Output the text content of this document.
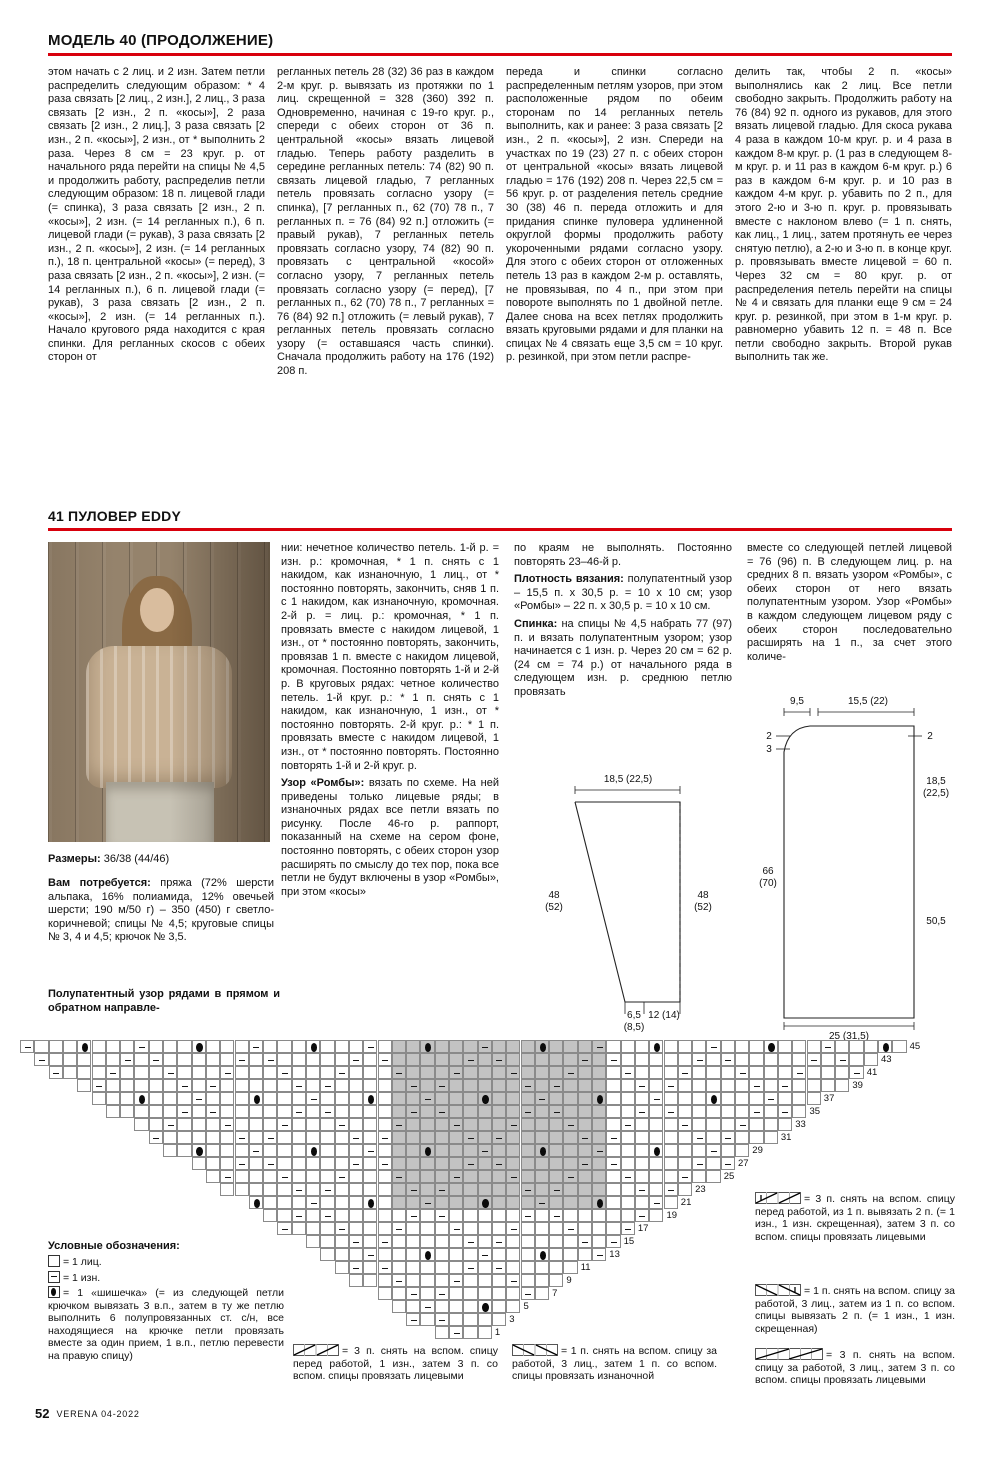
МОДЕЛЬ 40 (ПРОДОЛЖЕНИЕ)

этом начать с 2 лиц. и 2 изн. Затем петли распределить следующим образом: * 4 раза связать [2 лиц., 2 изн.], 2 лиц., 3 раза связать [2 изн., 2 п. «косы»], 2 раза связать [2 изн., 2 лиц.], 3 раза связать [2 изн., 2 п. «косы»], 2 изн., от * выполнить 2 раза. Через 8 см = 23 круг. р. от начального ряда перейти на спицы № 4,5 и продолжить работу, распределив петли следующим образом: 18 п. лицевой глади (= спинка), 3 раза связать [2 изн., 2 п. «косы»], 2 изн. (= 14 регланных п.), 6 п. лицевой глади (= рукав), 3 раза связать [2 изн., 2 п. «косы»], 2 изн. (= 14 регланных п.), 18 п. центральной «косы» (= перед), 3 раза связать [2 изн., 2 п. «косы»], 2 изн. (= 14 регланных п.), 6 п. лицевой глади (= рукав), 3 раза связать [2 изн., 2 п. «косы»], 2 изн. (= 14 регланных п.). Начало кругового ряда находится с края спинки. Для регланных скосов с обеих сторон от

регланных петель 28 (32) 36 раз в каждом 2-м круг. р. вывязать из протяжки по 1 лиц. скрещенной = 328 (360) 392 п. Одновременно, начиная с 19-го круг. р., спереди с обеих сторон от 36 п. центральной «косы» вязать лицевой гладью. Теперь работу разделить в середине регланных петель: 74 (82) 90 п. связать лицевой гладью, 7 регланных петель провязать согласно узору (= спинка), [7 регланных п., 62 (70) 78 п., 7 регланных п. = 76 (84) 92 п.] отложить (= правый рукав), 7 регланных петель провязать согласно узору, 74 (82) 90 п. провязать с центральной «косой» согласно узору, 7 регланных петель провязать согласно узору (= перед), [7 регланных п., 62 (70) 78 п., 7 регланных = 76 (84) 92 п.] отложить (= левый рукав), 7 регланных петель провязать согласно узору (= оставшаяся часть спинки). Сначала продолжить работу на 176 (192) 208 п.

переда и спинки согласно распределенным петлям узоров, при этом расположенные рядом по обеим сторонам по 14 регланных петель выполнить, как и ранее: 3 раза связать [2 изн., 2 п. «косы»], 2 изн. Спереди на участках по 19 (23) 27 п. с обеих сторон от центральной «косы» вязать лицевой гладью = 176 (192) 208 п. Через 22,5 см = 56 круг. р. от разделения петель средние 30 (38) 46 п. переда отложить и для придания спинке пуловера удлиненной округлой формы продолжить работу укороченными рядами согласно узору. Для этого с обеих сторон от отложенных петель 13 раз в каждом 2-м р. оставлять, не провязывая, по 4 п., при этом при повороте выполнять по 1 двойной петле. Далее снова на всех петлях продолжить вязать круговыми рядами и для планки на спицах № 4 связать еще 3,5 см = 10 круг. р. резинкой, при этом петли распре-

делить так, чтобы 2 п. «косы» выполнялись как 2 лиц. Все петли свободно закрыть. Продолжить работу на 76 (84) 92 п. одного из рукавов, для этого вязать лицевой гладью. Для скоса рукава 4 раза в каждом 10-м круг. р. и 4 раза в каждом 8-м круг. р. (1 раз в следующем 8-м круг. р. и 11 раз в каждом 6-м круг. р.) 6 раз в каждом 6-м круг. р. и 10 раз в каждом 4-м круг. р. убавить по 2 п., для этого 2-ю и 3-ю п. круг. р. провязывать вместе с наклоном влево (= 1 п. снять, как лиц., 1 лиц., затем протянуть ее через снятую петлю), а 2-ю и 3-ю п. в конце круг. р. провязывать вместе лицевой = 60 п. Через 32 см = 80 круг. р. от распределения петель перейти на спицы № 4 и связать для планки еще 9 см = 24 круг. р. резинкой, при этом в 1-м круг. р. равномерно убавить 12 п. = 48 п. Все петли свободно закрыть. Второй рукав выполнить так же.

41 ПУЛОВЕР EDDY

Размеры: 36/38 (44/46)

Вам потребуется: пряжа (72% шерсти альпака, 16% полиамида, 12% овечьей шерсти; 190 м/50 г) – 350 (450) г светло-коричневой; спицы № 4,5; круговые спицы № 3, 4 и 4,5; крючок № 3,5.

Полупатентный узор рядами в прямом и обратном направле-

нии: нечетное количество петель. 1-й р. = изн. р.: кромочная, * 1 п. снять с 1 накидом, как изнаночную, 1 лиц., от * постоянно повторять, закончить, сняв 1 п. с 1 накидом, как изнаночную, кромочная. 2-й р. = лиц. р.: кромочная, * 1 п. провязать вместе с накидом лицевой, 1 изн., от * постоянно повторять, закончить, провязав 1 п. вместе с накидом лицевой, кромочная. Постоянно повторять 1-й и 2-й р. В круговых рядах: четное количество петель. 1-й круг. р.: * 1 п. снять с 1 накидом, как изнаночную, 1 изн., от * постоянно повторять. 2-й круг. р.: * 1 п. провязать вместе с накидом лицевой, 1 изн., от * постоянно повторять. Постоянно повторять 1-й и 2-й круг. р.

Узор «Ромбы»: вязать по схеме. На ней приведены только лицевые ряды; в изнаночных рядах все петли вязать по рисунку. После 46-го р. раппорт, показанный на схеме на сером фоне, постоянно повторять, с обеих сторон узор расширять по смыслу до тех пор, пока все петли не будут включены в узор «Ромбы», при этом «косы»

по краям не выполнять. Постоянно повторять 23–46-й р.

Плотность вязания: полупатентный узор – 15,5 п. х 30,5 р. = 10 х 10 см; узор «Ромбы» – 22 п. х 30,5 р. = 10 х 10 см.

Спинка: на спицы № 4,5 набрать 77 (97) п. и вязать полупатентным узором; узор начинается с 1 изн. р. Через 20 см = 62 р. (24 см = 74 р.) от начального ряда в следующем изн. р. среднюю петлю провязать

вместе со следующей петлей лицевой = 76 (96) п. В следующем лиц. р. на средних 8 п. вязать узором «Ромбы», с обеих сторон от него вязать полупатентным узором. Узор «Ромбы» в каждом следующем лицевом ряду с обеих сторон последовательно расширять на 1 п., за счет этого количе-

18,5 (22,5)
48
(52)
48
(52)
6,5
(8,5)
12 (14)
9,5	15,5 (22)
2
3
2
18,5
(22,5)
66
(70)
50,5
25 (31,5)
45
43
41
39
37
35
33
31
29
27
25
23
21
19
17
15
13
11
9
7
5
3
1

Условные обозначения:

= 1 лиц.

= 1 изн.

= 1 «шишечка» (= из следующей петли крючком вывязать 3 в.п., затем в ту же петлю выполнить 6 полупровязанных ст. с/н, все находящиеся на крючке петли провязать вместе за один прием, 1 в.п., петлю перевести на правую спицу)	= 3 п. снять на вспом. спицу перед работой, 1 изн., затем 3 п. со вспом. спицы провязать лицевыми

= 1 п. снять на вспом. спицу за работой, 3 лиц., затем 1 п. со вспом. спицы провязать изнаночной

= 3 п. снять на вспом. спицу перед работой, из 1 п. вывязать 2 п. (= 1 изн., 1 изн. скрещенная), затем 3 п. со вспом. спицы провязать лицевыми

= 1 п. снять на вспом. спицу за работой, 3 лиц., затем из 1 п. со вспом. спицы вывязать 2 п. (= 1 изн., 1 изн. скрещенная)

= 3 п. снять на вспом. спицу за работой, 3 лиц., затем 3 п. со вспом. спицы провязать лицевыми

52 VERENA 04-2022
